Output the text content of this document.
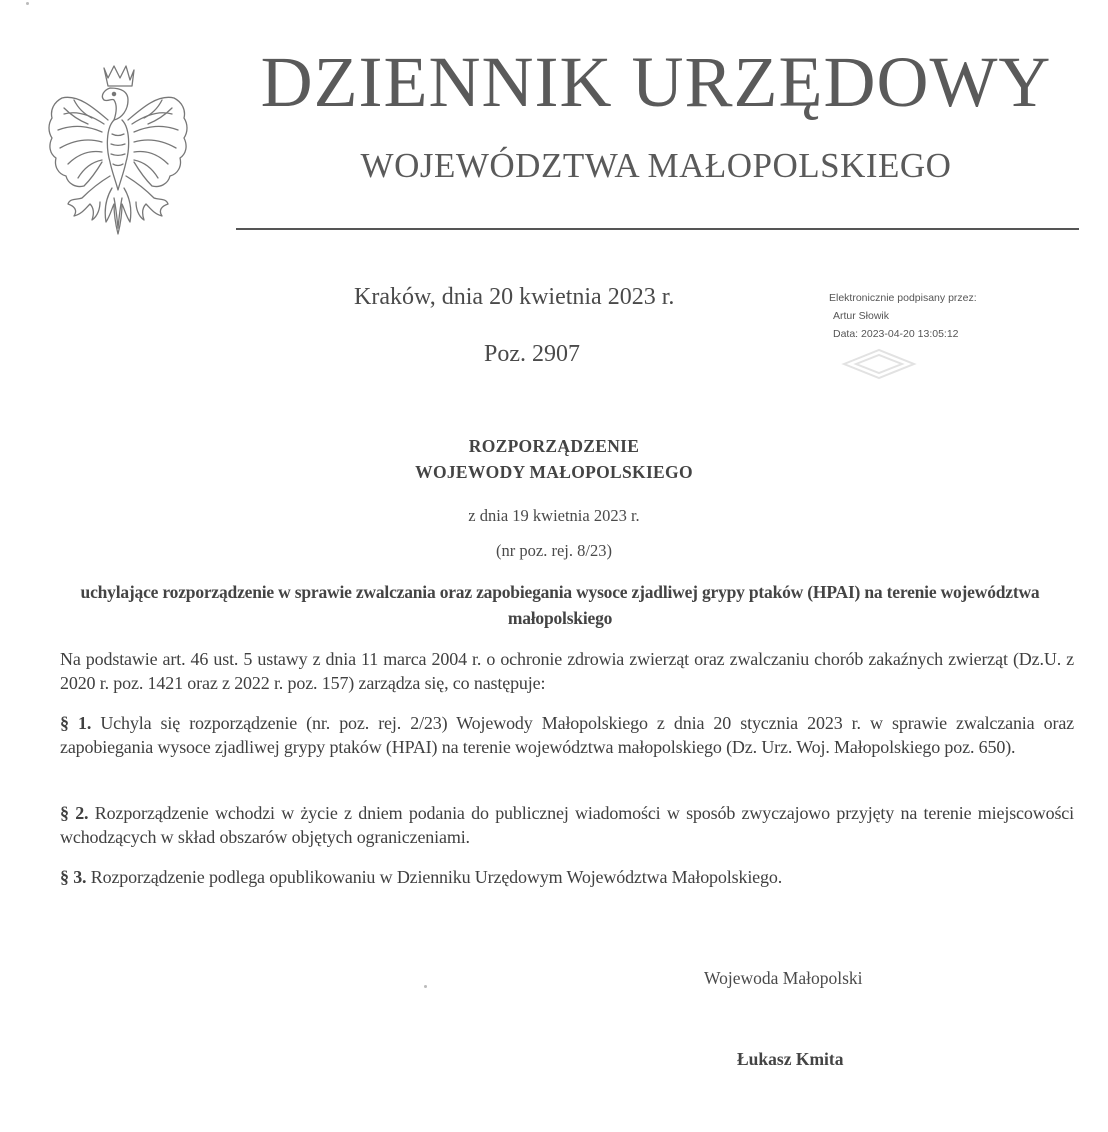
DZIENNIK URZĘDOWY
WOJEWÓDZTWA MAŁOPOLSKIEGO
Kraków, dnia 20 kwietnia 2023 r.
Poz. 2907
Elektronicznie podpisany przez:
Artur Słowik
Data: 2023-04-20 13:05:12
ROZPORZĄDZENIE
WOJEWODY MAŁOPOLSKIEGO
z dnia 19 kwietnia 2023 r.
(nr poz. rej. 8/23)
uchylające rozporządzenie w sprawie zwalczania oraz zapobiegania wysoce zjadliwej grypy ptaków (HPAI) na terenie województwa małopolskiego
Na podstawie art. 46 ust. 5 ustawy z dnia 11 marca 2004 r. o ochronie zdrowia zwierząt oraz zwalczaniu chorób zakaźnych zwierząt (Dz.U. z 2020 r. poz. 1421 oraz z 2022 r. poz. 157) zarządza się, co następuje:
§ 1. Uchyla się rozporządzenie (nr. poz. rej. 2/23) Wojewody Małopolskiego z dnia 20 stycznia 2023 r. w sprawie zwalczania oraz zapobiegania wysoce zjadliwej grypy ptaków (HPAI) na terenie województwa małopolskiego (Dz. Urz. Woj. Małopolskiego poz. 650).
§ 2. Rozporządzenie wchodzi w życie z dniem podania do publicznej wiadomości w sposób zwyczajowo przyjęty na terenie miejscowości wchodzących w skład obszarów objętych ograniczeniami.
§ 3. Rozporządzenie podlega opublikowaniu w Dzienniku Urzędowym Województwa Małopolskiego.
Wojewoda Małopolski
Łukasz Kmita
